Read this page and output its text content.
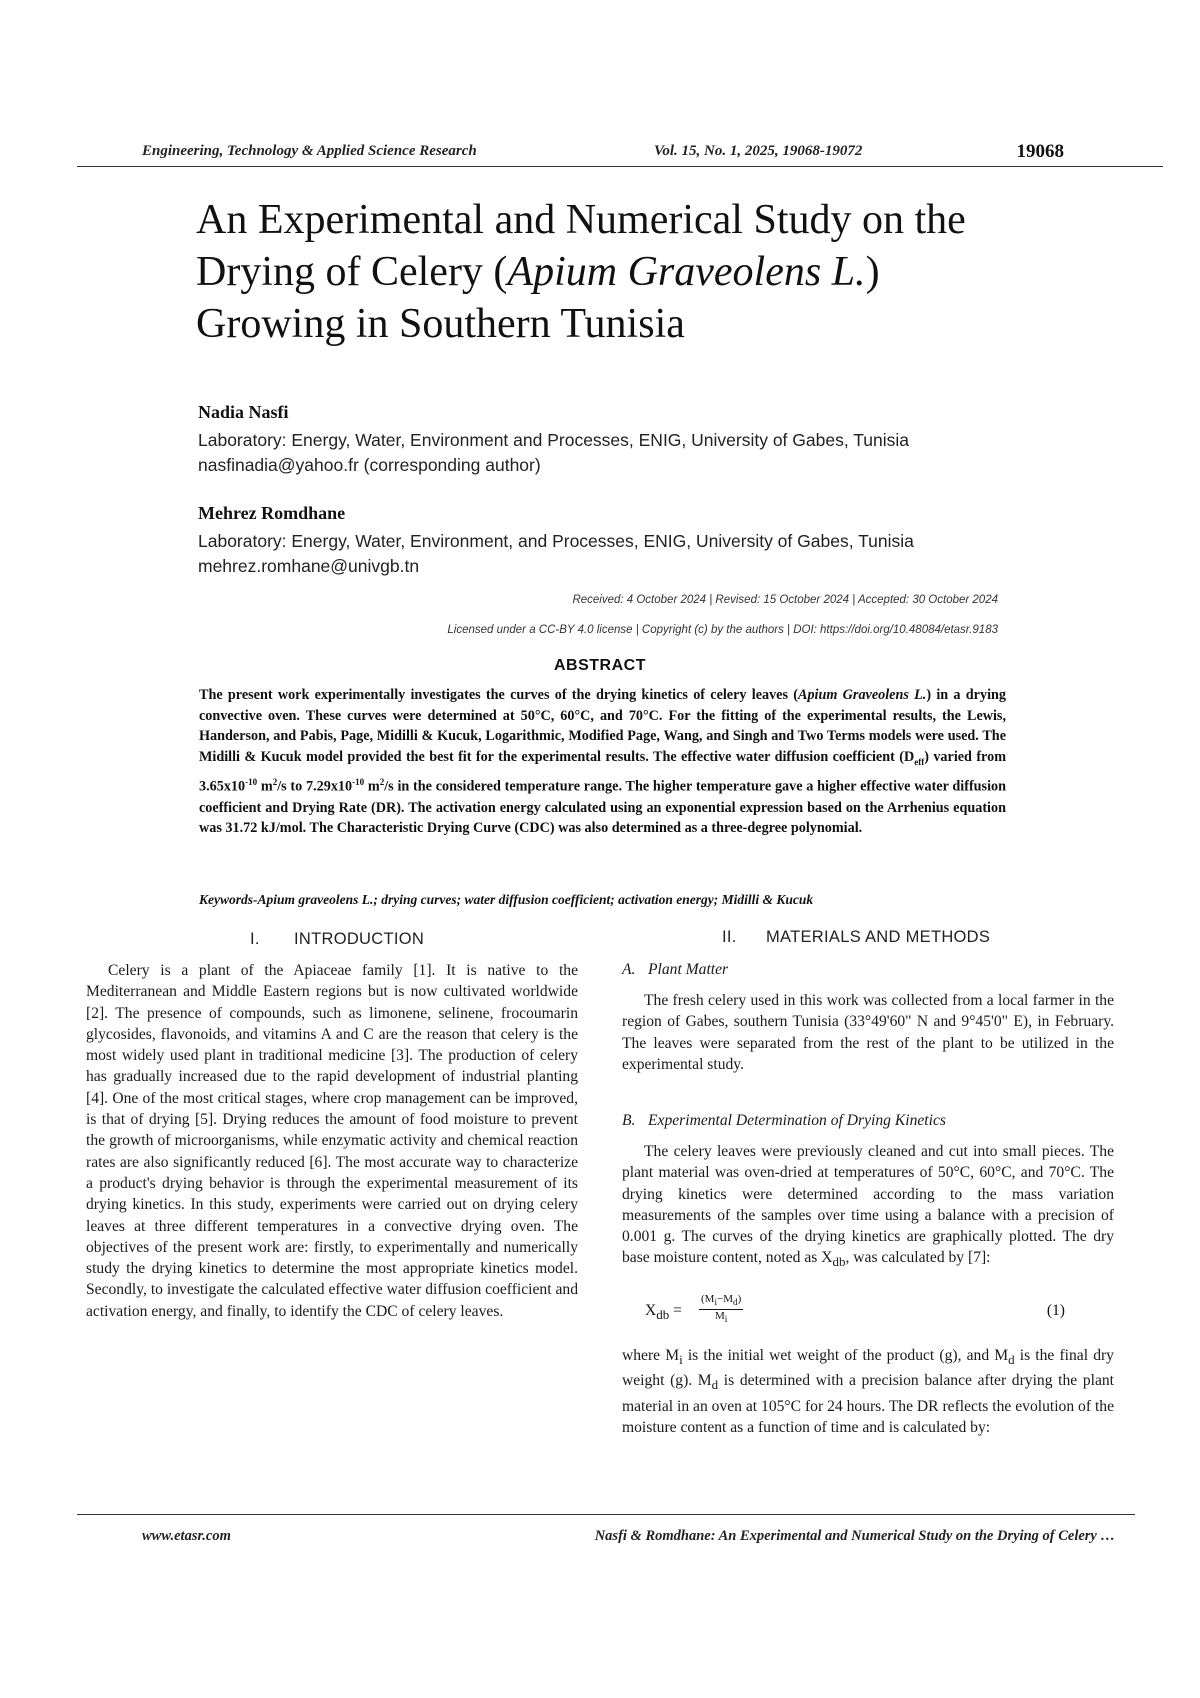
Engineering, Technology & Applied Science Research	Vol. 15, No. 1, 2025, 19068-19072	19068
An Experimental and Numerical Study on the
Drying of Celery (Apium Graveolens L.)
Growing in Southern Tunisia
Nadia Nasfi
Laboratory: Energy, Water, Environment and Processes, ENIG, University of Gabes, Tunisia
nasfinadia@yahoo.fr (corresponding author)
Mehrez Romdhane
Laboratory: Energy, Water, Environment, and Processes, ENIG, University of Gabes, Tunisia
mehrez.romhane@univgb.tn
Received: 4 October 2024 | Revised: 15 October 2024 | Accepted: 30 October 2024
Licensed under a CC-BY 4.0 license | Copyright (c) by the authors | DOI: https://doi.org/10.48084/etasr.9183
ABSTRACT
The present work experimentally investigates the curves of the drying kinetics of celery leaves (Apium Graveolens L.) in a drying convective oven. These curves were determined at 50°C, 60°C, and 70°C. For the fitting of the experimental results, the Lewis, Handerson, and Pabis, Page, Midilli & Kucuk, Logarithmic, Modified Page, Wang, and Singh and Two Terms models were used. The Midilli & Kucuk model provided the best fit for the experimental results. The effective water diffusion coefficient $(D_{eff})$ varied from $3.65x10^{-10}$ $m^2/s$ to $7.29x10^{-10}$ $m^2/s$ in the considered temperature range. The higher temperature gave a higher effective water diffusion coefficient and Drying Rate (DR). The activation energy calculated using an exponential expression based on the Arrhenius equation was 31.72 kJ/mol. The Characteristic Drying Curve (CDC) was also determined as a three-degree polynomial.
Keywords-Apium graveolens L.; drying curves; water diffusion coefficient; activation energy; Midilli & Kucuk
I. INTRODUCTION

Celery is a plant of the Apiaceae family [1]. It is native to the Mediterranean and Middle Eastern regions but is now cultivated worldwide [2]. The presence of compounds, such as limonene, selinene, frocoumarin glycosides, flavonoids, and vitamins A and C are the reason that celery is the most widely used plant in traditional medicine [3]. The production of celery has gradually increased due to the rapid development of industrial planting [4]. One of the most critical stages, where crop management can be improved, is that of drying [5]. Drying reduces the amount of food moisture to prevent the growth of microorganisms, while enzymatic activity and chemical reaction rates are also significantly reduced [6]. The most accurate way to characterize a product's drying behavior is through the experimental measurement of its drying kinetics. In this study, experiments were carried out on drying celery leaves at three different temperatures in a convective drying oven. The objectives of the present work are: firstly, to experimentally and numerically study the drying kinetics to determine the most appropriate kinetics model. Secondly, to investigate the calculated effective water diffusion coefficient and activation energy, and finally, to identify the CDC of celery leaves.

II. MATERIALS AND METHODS
A. Plant Matter

The fresh celery used in this work was collected from a local farmer in the region of Gabes, southern Tunisia (33°49'60" N and 9°45'0" E), in February. The leaves were separated from the rest of the plant to be utilized in the experimental study.

B. Experimental Determination of Drying Kinetics

The celery leaves were previously cleaned and cut into small pieces. The plant material was oven-dried at temperatures of 50°C, 60°C, and 70°C. The drying kinetics were determined according to the mass variation measurements of the samples over time using a balance with a precision of 0.001 g. The curves of the drying kinetics are graphically plotted. The dry base moisture content, noted as $X_{db}$, was calculated by [7]:

$X_{db} = \frac{(M_i-M_d)}{M_i}$	(1)

where $M_i$ is the initial wet weight of the product (g), and $M_d$ is the final dry weight (g). $M_d$ is determined with a precision balance after drying the plant material in an oven at 105°C for 24 hours. The DR reflects the evolution of the moisture content as a function of time and is calculated by:

www.etasr.com	Nasfi & Romdhane: An Experimental and Numerical Study on the Drying of Celery …
